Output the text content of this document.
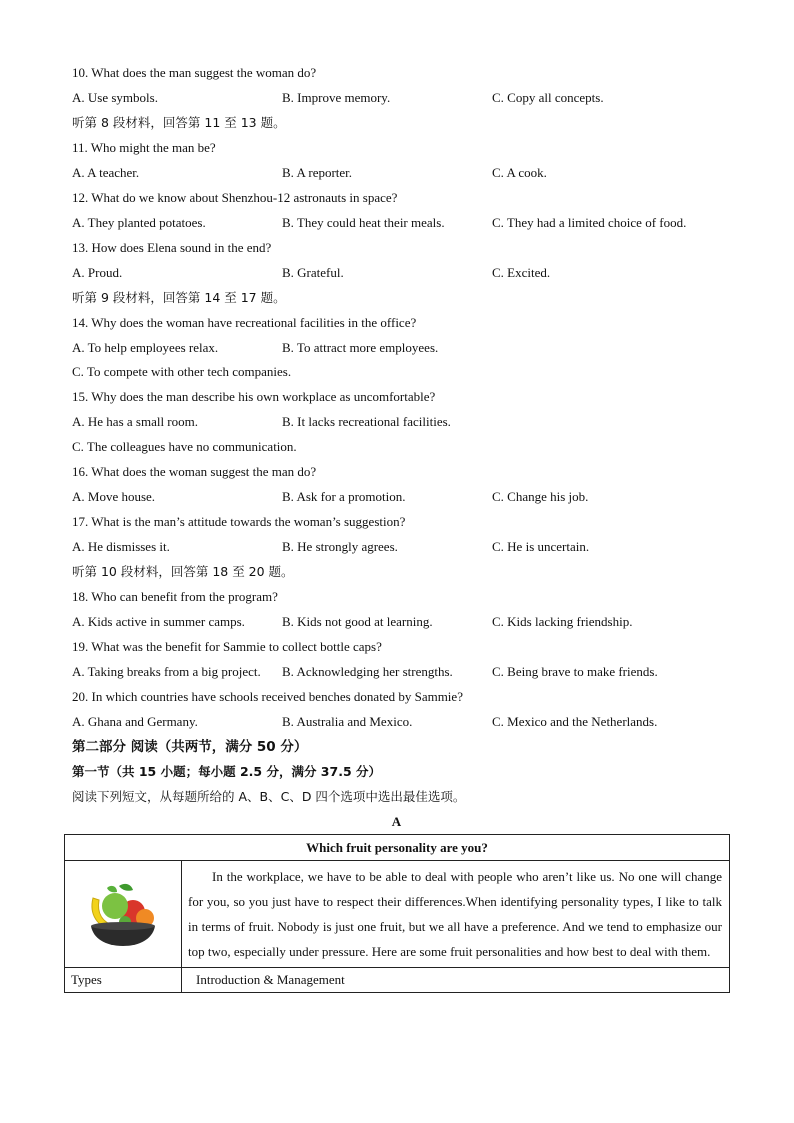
10. What does the man suggest the woman do?
A. Use symbols.	B. Improve memory.	C. Copy all concepts.
听第 8 段材料，回答第 11 至 13 题。
11. Who might the man be?
A. A teacher.	B. A reporter.	C. A cook.
12. What do we know about Shenzhou-12 astronauts in space?
A. They planted potatoes.	B. They could heat their meals.	C. They had a limited choice of food.
13. How does Elena sound in the end?
A. Proud.	B. Grateful.	C. Excited.
听第 9 段材料，回答第 14 至 17 题。
14. Why does the woman have recreational facilities in the office?
A. To help employees relax.	B. To attract more employees.
C. To compete with other tech companies.
15. Why does the man describe his own workplace as uncomfortable?
A. He has a small room.	B. It lacks recreational facilities.
C. The colleagues have no communication.
16. What does the woman suggest the man do?
A. Move house.	B. Ask for a promotion.	C. Change his job.
17. What is the man’s attitude towards the woman’s suggestion?
A. He dismisses it.	B. He strongly agrees.	C. He is uncertain.
听第 10 段材料，回答第 18 至 20 题。
18. Who can benefit from the program?
A. Kids active in summer camps.	B. Kids not good at learning.	C. Kids lacking friendship.
19. What was the benefit for Sammie to collect bottle caps?
A. Taking breaks from a big project. B. Acknowledging her strengths.	C. Being brave to make friends.
20. In which countries have schools received benches donated by Sammie?
A. Ghana and Germany.	B. Australia and Mexico.	C. Mexico and the Netherlands.
第二部分 阅读（共两节，满分 50 分）
第一节（共 15 小题；每小题 2.5 分，满分 37.5 分）
阅读下列短文，从每题所给的 A、B、C、D 四个选项中选出最佳选项。
A
Which fruit personality are you?	
	In the workplace, we have to be able to deal with people who aren’t like us. No one will change for you, so you just have to respect their differences.When identifying personality types, I like to talk in terms of fruit. Nobody is just one fruit, but we all have a preference. And we tend to emphasize our top two, especially under pressure. Here are some fruit personalities and how best to deal with them.
Types	Introduction & Management
